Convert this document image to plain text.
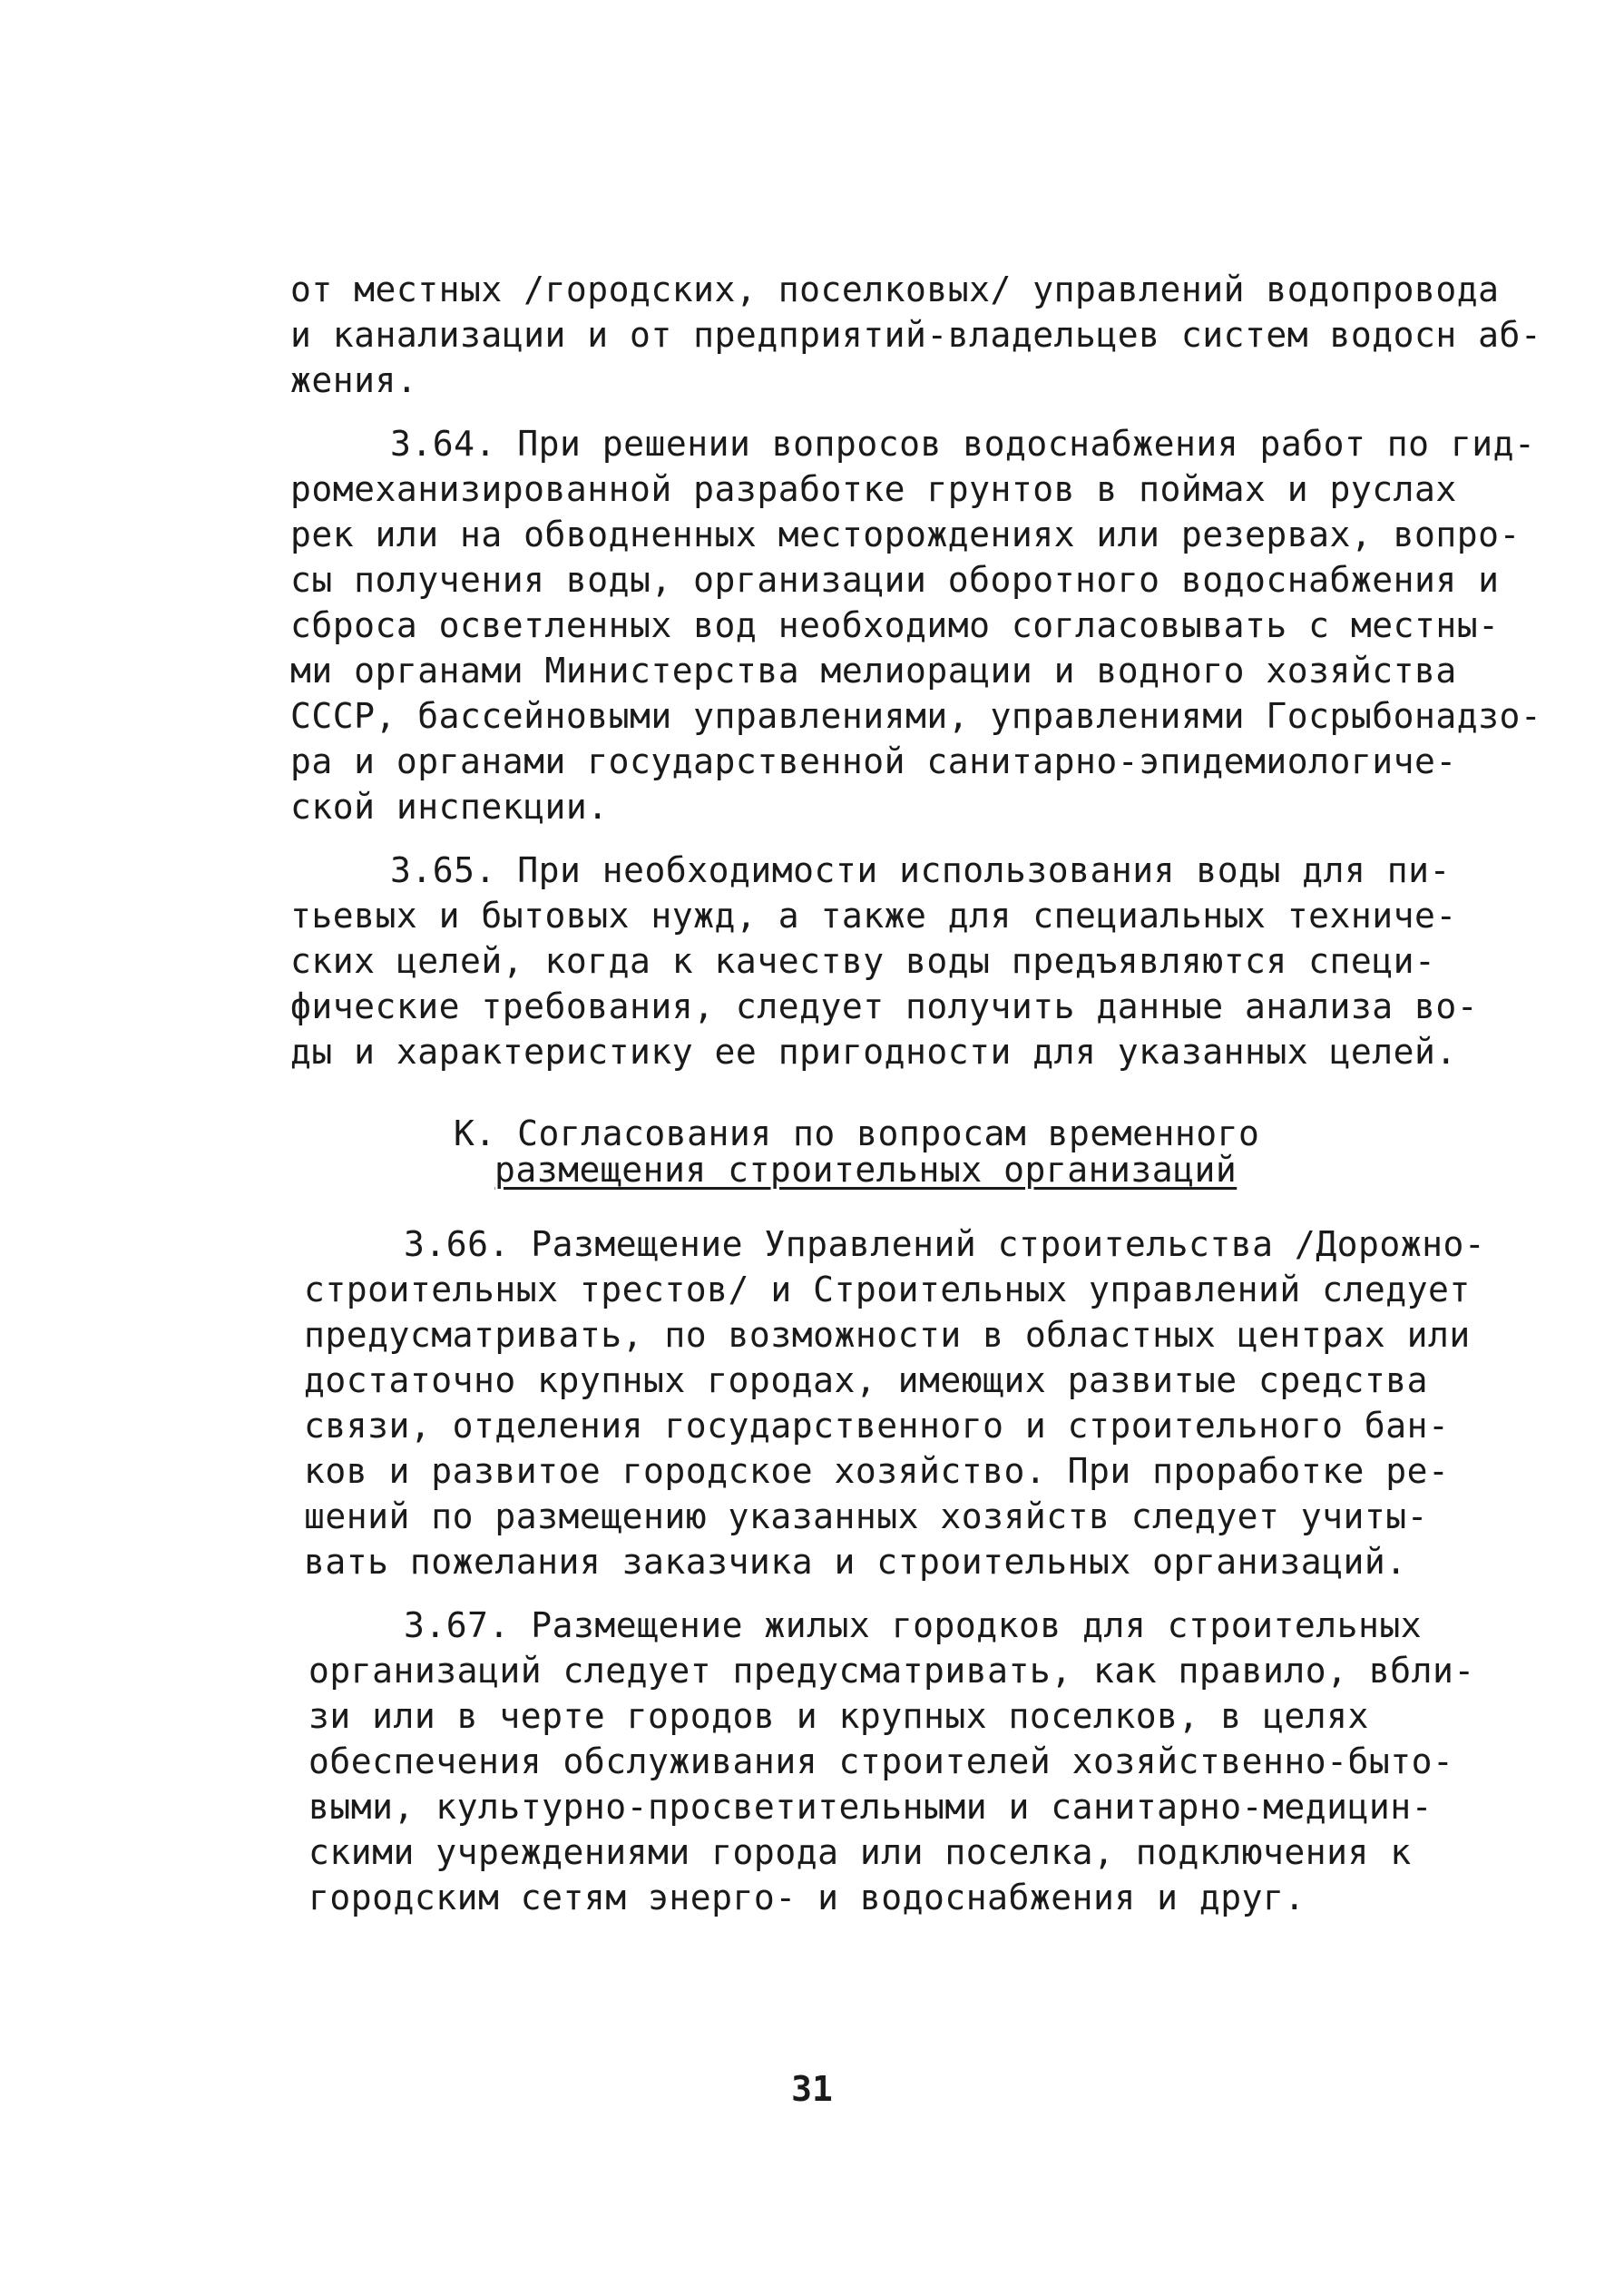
от местных /городских, поселковых/ управлений водопровода
и канализации и от предприятий-владельцев систем водосн аб-
жения.
3.64. При решении вопросов водоснабжения работ по гид-
ромеханизированной разработке грунтов в поймах и руслах
рек или на обводненных месторождениях или резервах, вопро-
сы получения воды, организации оборотного водоснабжения и
сброса осветленных вод необходимо согласовывать с местны-
ми органами Министерства мелиорации и водного хозяйства
СССР, бассейновыми управлениями, управлениями Госрыбонадзо-
ра и органами государственной санитарно-эпидемиологиче-
ской инспекции.
3.65. При необходимости использования воды для пи-
тьевых и бытовых нужд, а также для специальных техниче-
ских целей, когда к качеству воды предъявляются специ-
фические требования, следует получить данные анализа во-
ды и характеристику ее пригодности для указанных целей.
К. Согласования по вопросам временного
размещения строительных организаций
3.66. Размещение Управлений строительства /Дорожно-
строительных трестов/ и Строительных управлений следует
предусматривать, по возможности в областных центрах или
достаточно крупных городах, имеющих развитые средства
связи, отделения государственного и строительного бан-
ков и развитое городское хозяйство. При проработке ре-
шений по размещению указанных хозяйств следует учиты-
вать пожелания заказчика и строительных организаций.
3.67. Размещение жилых городков для строительных
организаций следует предусматривать, как правило, вбли-
зи или в черте городов и крупных поселков, в целях
обеспечения обслуживания строителей хозяйственно-быто-
выми, культурно-просветительными и санитарно-медицин-
скими учреждениями города или поселка, подключения к
городским сетям энерго- и водоснабжения и друг.
31
